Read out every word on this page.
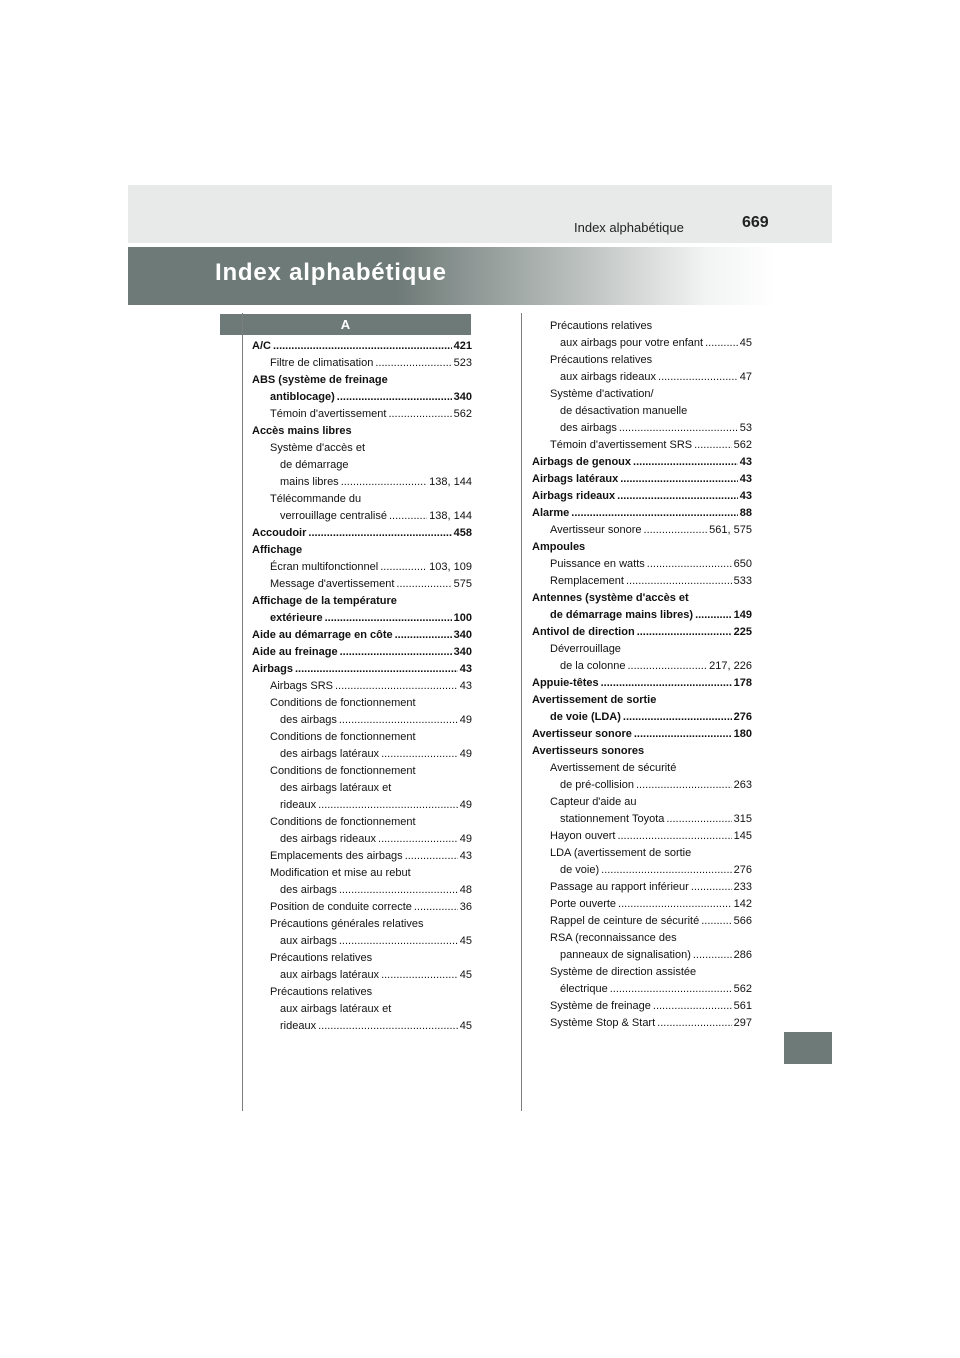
Index alphabétique	669
Index alphabétique
A
A/C .....	421
Filtre de climatisation .....	523
ABS (système de freinage
antiblocage) .....	340
Témoin d'avertissement .....	562
Accès mains libres
Système d'accès et
de démarrage
mains libres .....	138, 144
Télécommande du
verrouillage centralisé .....	138, 144
Accoudoir .....	458
Affichage
Écran multifonctionnel .....	103, 109
Message d'avertissement .....	575
Affichage de la température
extérieure .....	100
Aide au démarrage en côte .....	340
Aide au freinage .....	340
Airbags .....	43
Airbags SRS .....	43
Conditions de fonctionnement
des airbags .....	49
Conditions de fonctionnement
des airbags latéraux .....	49
Conditions de fonctionnement
des airbags latéraux et
rideaux .....	49
Conditions de fonctionnement
des airbags rideaux .....	49
Emplacements des airbags .....	43
Modification et mise au rebut
des airbags .....	48
Position de conduite correcte .....	36
Précautions générales relatives
aux airbags .....	45
Précautions relatives
aux airbags latéraux .....	45
Précautions relatives
aux airbags latéraux et
rideaux .....	45
Précautions relatives
aux airbags pour votre enfant .....	45
Précautions relatives
aux airbags rideaux .....	47
Système d'activation/
de désactivation manuelle
des airbags .....	53
Témoin d'avertissement SRS .....	562
Airbags de genoux .....	43
Airbags latéraux .....	43
Airbags rideaux .....	43
Alarme .....	88
Avertisseur sonore .....	561, 575
Ampoules
Puissance en watts .....	650
Remplacement .....	533
Antennes (système d'accès et
de démarrage mains libres) .....	149
Antivol de direction .....	225
Déverrouillage
de la colonne .....	217, 226
Appuie-têtes .....	178
Avertissement de sortie
de voie (LDA) .....	276
Avertisseur sonore .....	180
Avertisseurs sonores
Avertissement de sécurité
de pré-collision .....	263
Capteur d'aide au
stationnement Toyota .....	315
Hayon ouvert .....	145
LDA (avertissement de sortie
de voie) .....	276
Passage au rapport inférieur .....	233
Porte ouverte .....	142
Rappel de ceinture de sécurité .....	566
RSA (reconnaissance des
panneaux de signalisation) .....	286
Système de direction assistée
électrique .....	562
Système de freinage .....	561
Système Stop & Start .....	297
